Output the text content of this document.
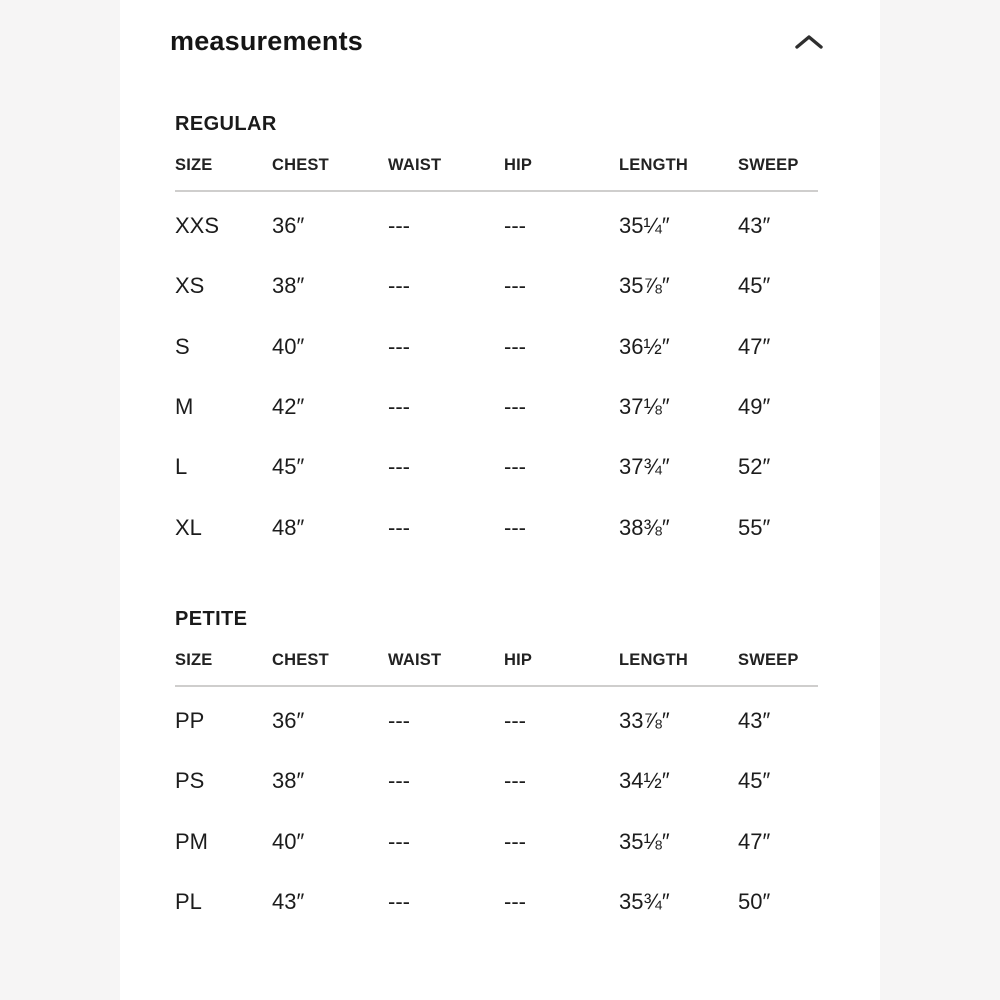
measurements
REGULAR
SIZE	CHEST	WAIST	HIP	LENGTH	SWEEP
XXS	36″	---	---	35¼″	43″
XS	38″	---	---	35⅞″	45″
S	40″	---	---	36½″	47″
M	42″	---	---	37⅛″	49″
L	45″	---	---	37¾″	52″
XL	48″	---	---	38⅜″	55″
PETITE
SIZE	CHEST	WAIST	HIP	LENGTH	SWEEP
PP	36″	---	---	33⅞″	43″
PS	38″	---	---	34½″	45″
PM	40″	---	---	35⅛″	47″
PL	43″	---	---	35¾″	50″
